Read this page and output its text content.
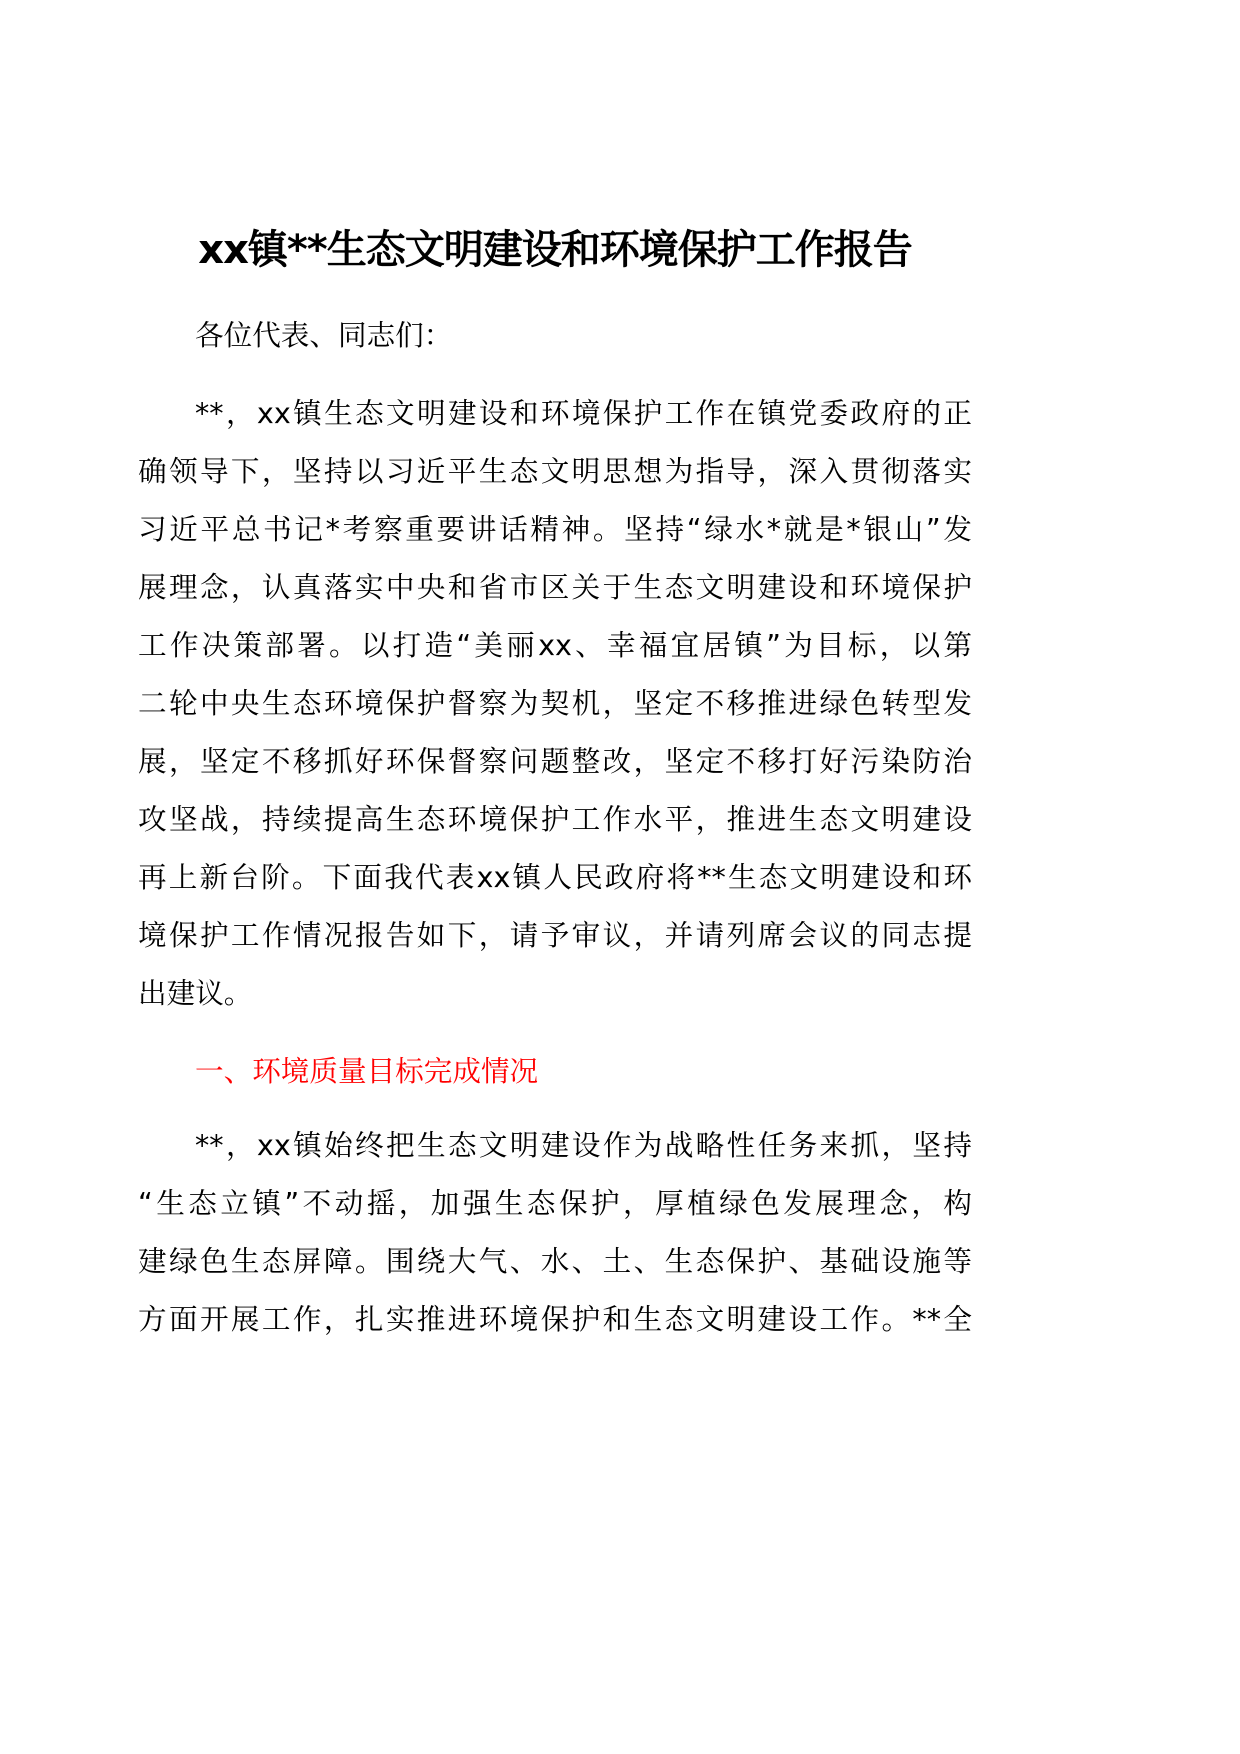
xx镇**生态文明建设和环境保护工作报告

各位代表、同志们：

**，xx镇生态文明建设和环境保护工作在镇党委政府的正
确领导下，坚持以习近平生态文明思想为指导，深入贯彻落实
习近平总书记*考察重要讲话精神。坚持“绿水*就是*银山”发
展理念，认真落实中央和省市区关于生态文明建设和环境保护
工作决策部署。以打造“美丽xx、幸福宜居镇”为目标，以第
二轮中央生态环境保护督察为契机，坚定不移推进绿色转型发
展，坚定不移抓好环保督察问题整改，坚定不移打好污染防治
攻坚战，持续提高生态环境保护工作水平，推进生态文明建设
再上新台阶。下面我代表xx镇人民政府将**生态文明建设和环
境保护工作情况报告如下，请予审议，并请列席会议的同志提
出建议。
一、环境质量目标完成情况
**，xx镇始终把生态文明建设作为战略性任务来抓，坚持
“生态立镇”不动摇，加强生态保护，厚植绿色发展理念，构
建绿色生态屏障。围绕大气、水、土、生态保护、基础设施等
方面开展工作，扎实推进环境保护和生态文明建设工作。**全
